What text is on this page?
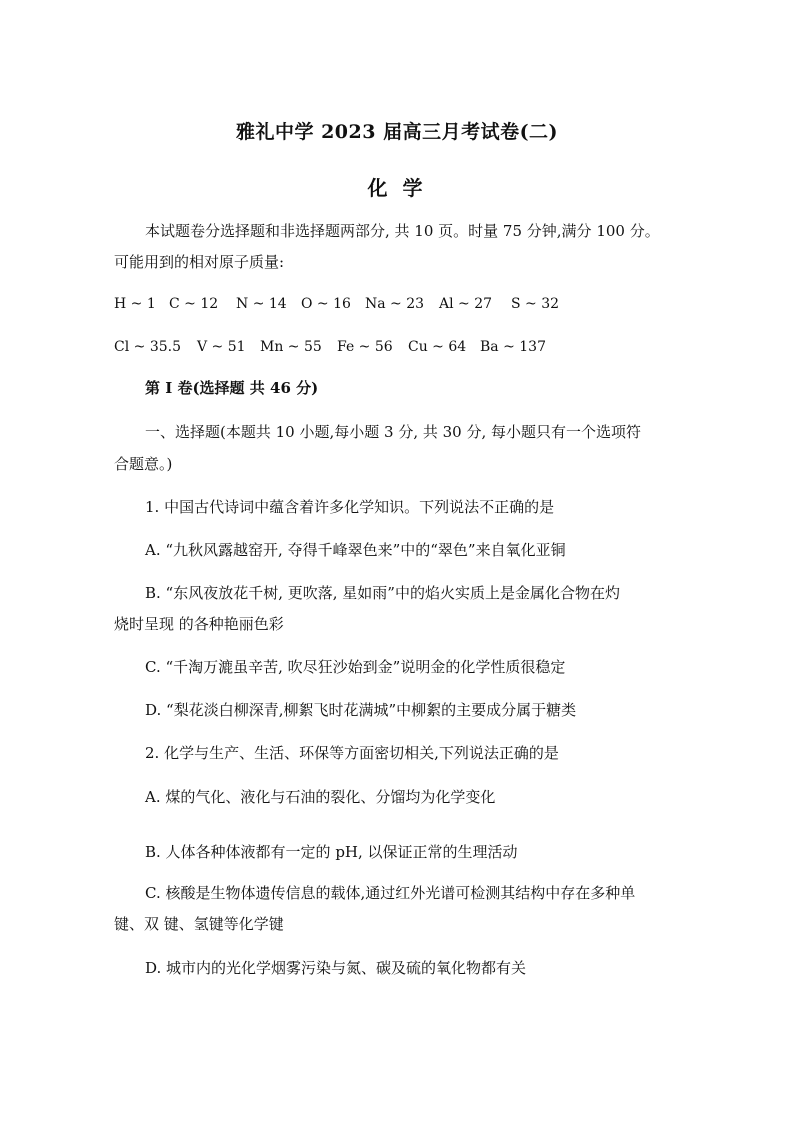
雅礼中学 2023 届高三月考试卷(二)
化 学
本试题卷分选择题和非选择题两部分, 共 10 页。时量 75 分钟,满分 100 分。
可能用到的相对原子质量:
H ~ 1 C ~ 12 N ~ 14 O ~ 16 Na ~ 23 Al ~ 27 S ~ 32
Cl ~ 35.5 V ~ 51 Mn ~ 55 Fe ~ 56 Cu ~ 64 Ba ~ 137
第 I 卷(选择题 共 46 分)
一、选择题(本题共 10 小题,每小题 3 分, 共 30 分, 每小题只有一个选项符
合题意。)
1. 中国古代诗词中蕴含着许多化学知识。下列说法不正确的是
A. “九秋风露越窑开, 夺得千峰翠色来”中的“翠色”来自氧化亚铜
B. “东风夜放花千树, 更吹落, 星如雨”中的焰火实质上是金属化合物在灼
烧时呈现 的各种艳丽色彩
C. “千淘万漉虽辛苦, 吹尽狂沙始到金”说明金的化学性质很稳定
D. “梨花淡白柳深青,柳絮飞时花满城”中柳絮的主要成分属于糖类
2. 化学与生产、生活、环保等方面密切相关,下列说法正确的是
A. 煤的气化、液化与石油的裂化、分馏均为化学变化
B. 人体各种体液都有一定的 pH, 以保证正常的生理活动
C. 核酸是生物体遗传信息的载体,通过红外光谱可检测其结构中存在多种单
键、双 键、氢键等化学键
D. 城市内的光化学烟雾污染与氮、碳及硫的氧化物都有关
